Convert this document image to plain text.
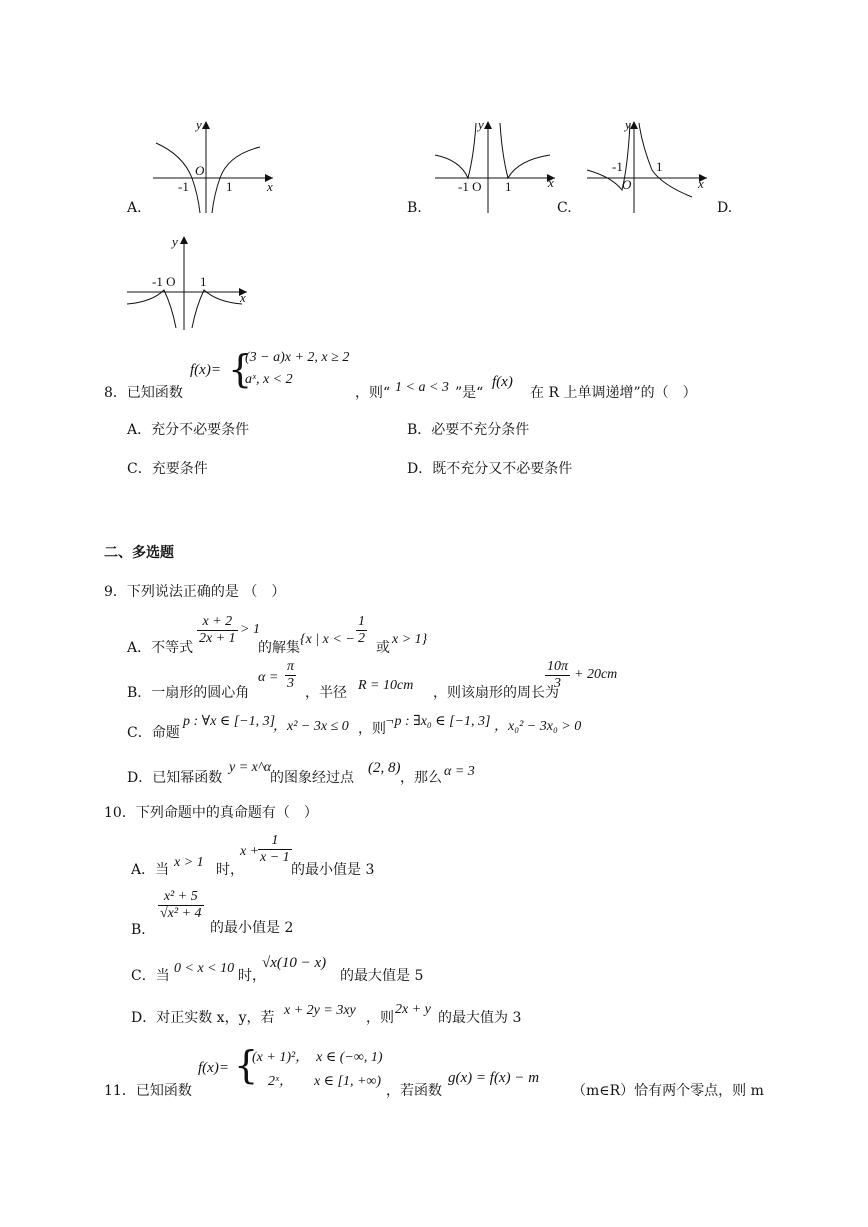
y
O
-1	1	x
A.
y
-1 O 1	x
B.
y
-1	1
O	x
C.	D.
y
-1 O 1
x
8．已知函数
f(x)= {
(3 − a)x + 2, x ≥ 2
aˣ, x < 2
，则“ 1 < a < 3 ”是“
f(x)
在 R 上单调递增”的（　）
A．充分不必要条件	B．必要不充分条件
C．充要条件	D．既不充分又不必要条件
二、多选题
9．下列说法正确的是 （　）
A．不等式
$\frac{x + 2}{2x + 1} > 1$
的解集
{x | x < − $\frac{1}{2}$
或
x > 1}
B．一扇形的圆心角
$\alpha = \frac{\pi}{3}$
，半径 R = 10cm ，则该扇形的周长为
$\frac{10\pi}{3} + 20cm$
C．命题
p : ∀x ∈ [−1, 3]
，x² − 3x ≤ 0 ，则 ¬p : ∃x₀ ∈ [−1, 3] ，x₀² − 3x₀ > 0
D．已知幂函数
y = x^α
的图象经过点
(2, 8)
，那么 α = 3
10．下列命题中的真命题有（　）
A．当 x > 1 时，
x +
$\frac{1}{x - 1}$
的最小值是 3
B．
$\frac{\text{x² + 5}}{\text{√x² + 4}}$
的最小值是 2
C．当 0 < x < 10 时，
√x(10 − x)
的最大值是 5
D．对正实数 x，y，若 x + 2y = 3xy ，则
2x + y
的最大值为 3
11．已知函数
f(x)= {
(x + 1)²，　x ∈ (−∞, 1)
2ˣ，　　x ∈ [1, +∞)
，若函数
g(x) = f(x) − m
（m∈R）恰有两个零点，则 m
